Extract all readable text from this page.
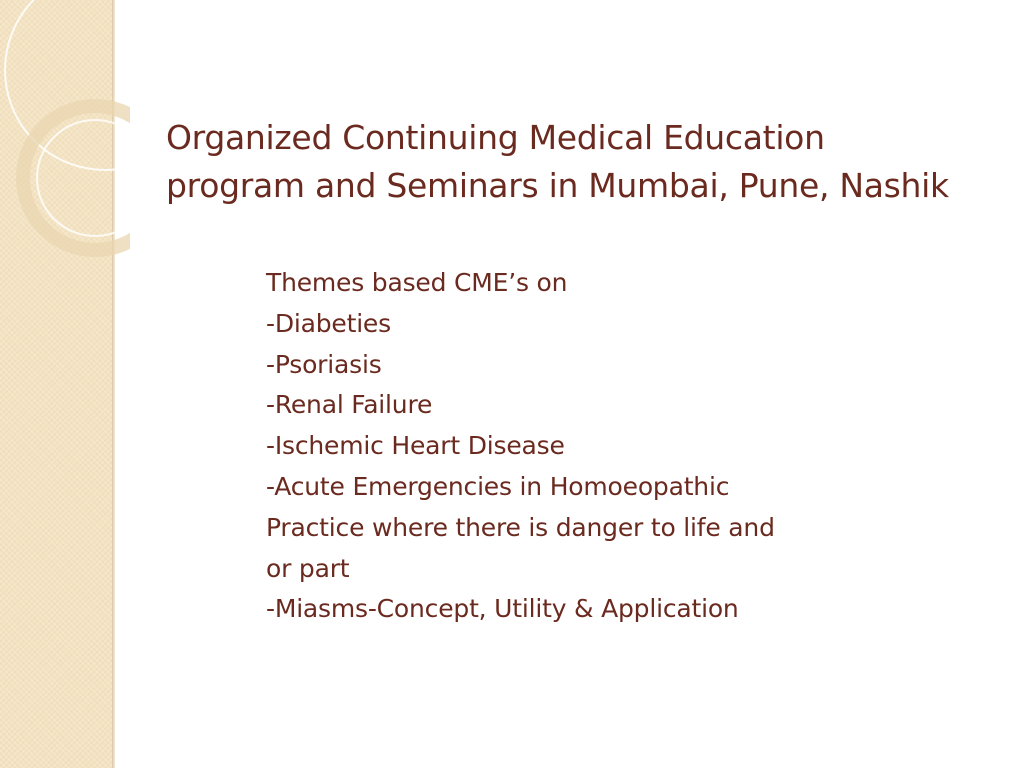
Organized Continuing Medical Education
program and Seminars in Mumbai, Pune, Nashik
Themes based CME’s on
-Diabeties
-Psoriasis
-Renal Failure
-Ischemic Heart Disease
-Acute Emergencies in Homoeopathic
Practice where there is danger to life and
or part
-Miasms-Concept, Utility & Application
